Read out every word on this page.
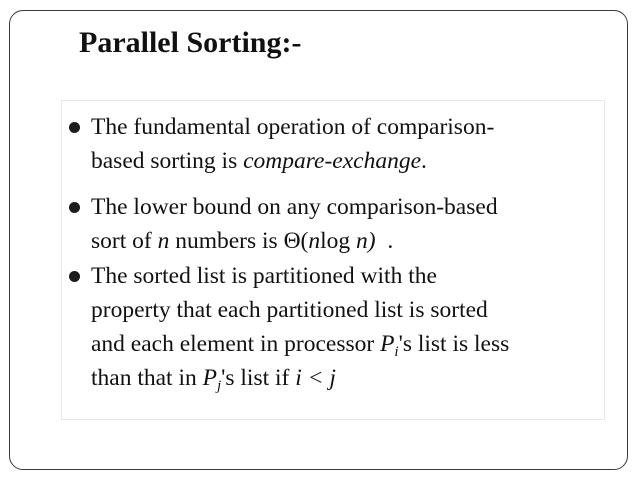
Parallel Sorting:-
The fundamental operation of comparison-
based sorting is compare-exchange.
The lower bound on any comparison-based
sort of n numbers is Θ(nlog n)  .
The sorted list is partitioned with the
property that each partitioned list is sorted
and each element in processor $P_i's$ list is less
than that in $P_j's$ list if i < j
